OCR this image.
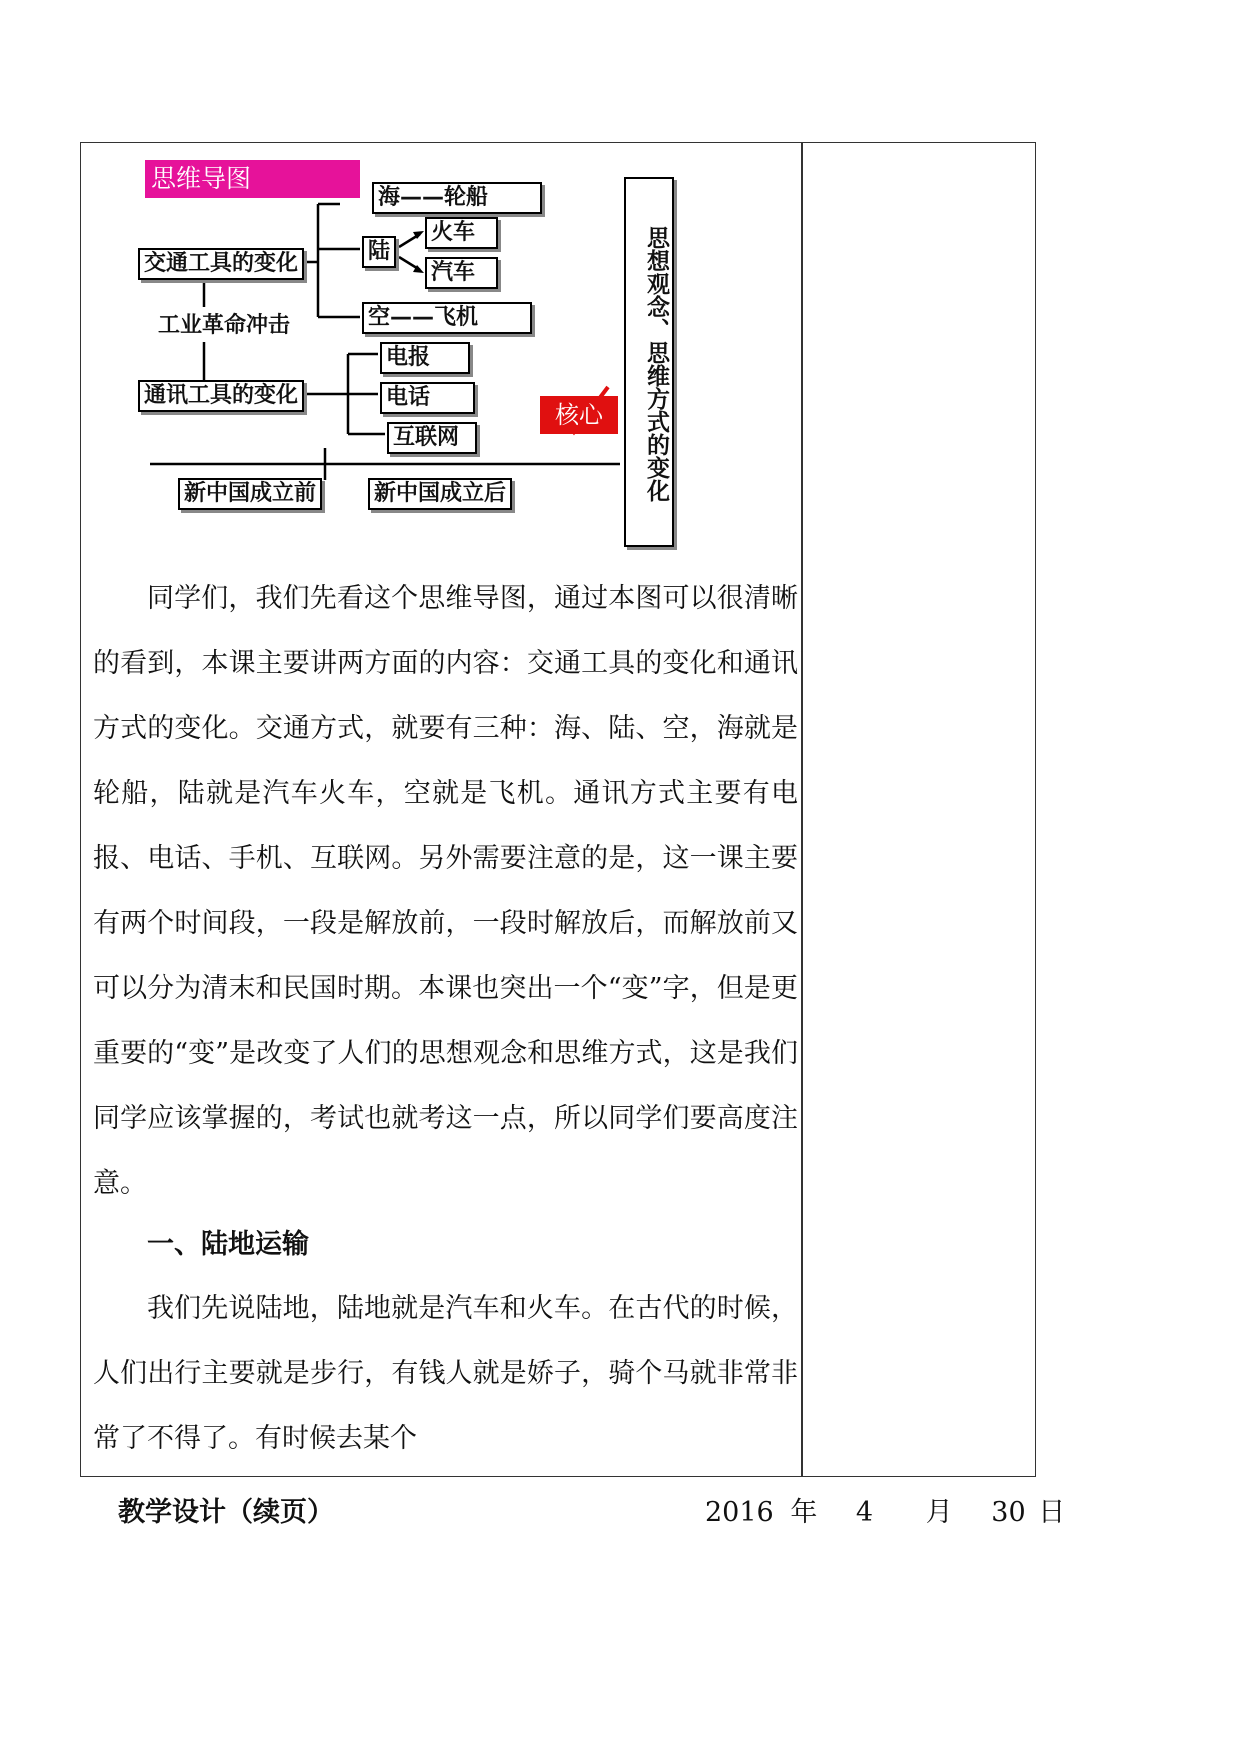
思维导图
交通工具的变化
工业革命冲击
通讯工具的变化
海——轮船
陆
火车
汽车
空——飞机
电报
电话
互联网
新中国成立前	新中国成立后
核心	思想观念、思维方式的变化

同学们，我们先看这个思维导图，通过本图可以很清晰的看到，本课主要讲两方面的内容：交通工具的变化和通讯方式的变化。交通方式，就要有三种：海、陆、空，海就是轮船，陆就是汽车火车，空就是飞机。通讯方式主要有电报、电话、手机、互联网。另外需要注意的是，这一课主要有两个时间段，一段是解放前，一段时解放后，而解放前又可以分为清末和民国时期。本课也突出一个“变”字，但是更重要的“变”是改变了人们的思想观念和思维方式，这是我们同学应该掌握的，考试也就考这一点，所以同学们要高度注意。

一、陆地运输

我们先说陆地，陆地就是汽车和火车。在古代的时候，人们出行主要就是步行，有钱人就是娇子，骑个马就非常非常了不得了。有时候去某个

教学设计（续页）	2016 年 4 月 30 日
